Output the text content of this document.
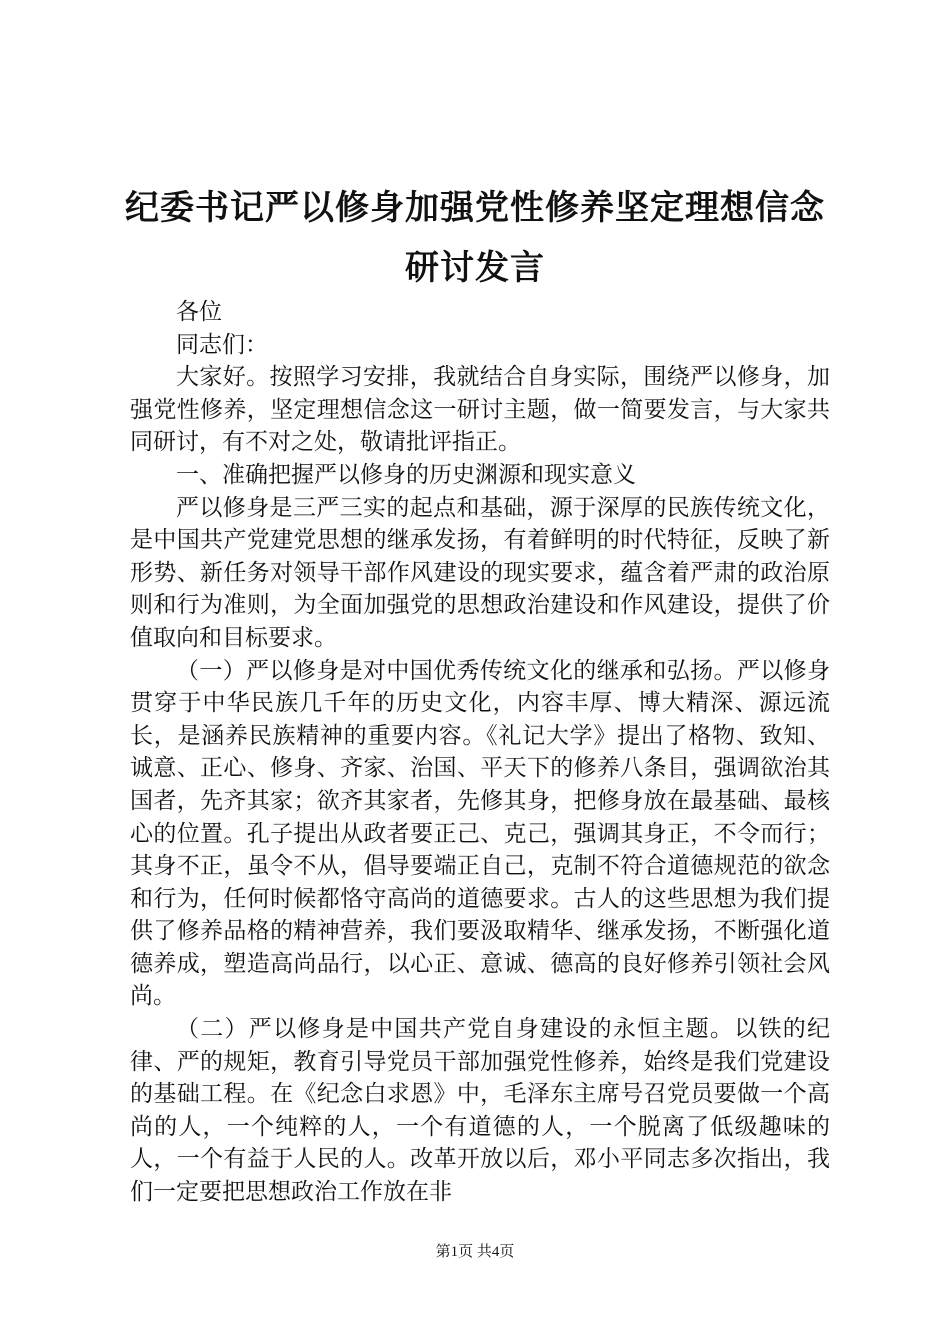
纪委书记严以修身加强党性修养坚定理想信念
研讨发言

各位

同志们：

大家好。按照学习安排，我就结合自身实际，围绕严以修身，加强党性修养，坚定理想信念这一研讨主题，做一简要发言，与大家共同研讨，有不对之处，敬请批评指正。

一、准确把握严以修身的历史渊源和现实意义

严以修身是三严三实的起点和基础，源于深厚的民族传统文化，是中国共产党建党思想的继承发扬，有着鲜明的时代特征，反映了新形势、新任务对领导干部作风建设的现实要求，蕴含着严肃的政治原则和行为准则，为全面加强党的思想政治建设和作风建设，提供了价值取向和目标要求。

（一）严以修身是对中国优秀传统文化的继承和弘扬。严以修身贯穿于中华民族几千年的历史文化，内容丰厚、博大精深、源远流长，是涵养民族精神的重要内容。《礼记大学》提出了格物、致知、诚意、正心、修身、齐家、治国、平天下的修养八条目，强调欲治其国者，先齐其家；欲齐其家者，先修其身，把修身放在最基础、最核心的位置。孔子提出从政者要正己、克己，强调其身正，不令而行；其身不正，虽令不从，倡导要端正自己，克制不符合道德规范的欲念和行为，任何时候都恪守高尚的道德要求。古人的这些思想为我们提供了修养品格的精神营养，我们要汲取精华、继承发扬，不断强化道德养成，塑造高尚品行，以心正、意诚、德高的良好修养引领社会风尚。

（二）严以修身是中国共产党自身建设的永恒主题。以铁的纪律、严的规矩，教育引导党员干部加强党性修养，始终是我们党建设的基础工程。在《纪念白求恩》中，毛泽东主席号召党员要做一个高尚的人，一个纯粹的人，一个有道德的人，一个脱离了低级趣味的人，一个有益于人民的人。改革开放以后，邓小平同志多次指出，我们一定要把思想政治工作放在非

第1页 共4页
